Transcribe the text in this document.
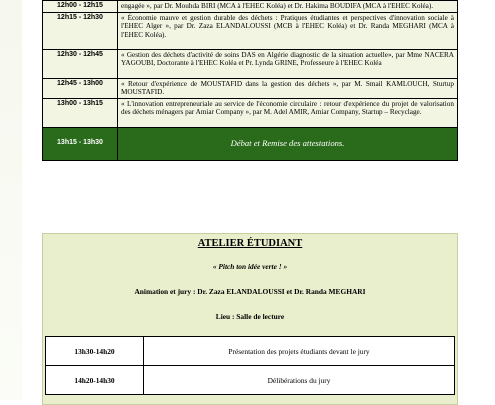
12h00 - 12h15	engagée », par Dr. Mouhda BIRI (MCA à l'EHEC Koléa) et Dr. Hakima BOUDIFA (MCA à l'EHEC Koléa).
12h15 - 12h30	« Économie mauve et gestion durable des déchets : Pratiques étudiantes et perspectives d'innovation sociale à l'EHEC Alger », par Dr. Zaza ELANDALOUSSI (MCB à l'EHEC Koléa) et Dr. Randa MEGHARI (MCA à l'EHEC Koléa).
12h30 - 12h45	« Gestion des déchets d'activité de soins DAS en Algérie diagnostic de la situation actuelle», par Mme NACERA YAGOUBI, Doctorante à l'EHEC Koléa et Pr. Lynda GRINE, Professeure à l'EHEC Koléa
12h45 - 13h00	« Retour d'expérience de MOUSTAFID dans la gestion des déchets », par M. Smail KAMLOUCH, Sturtup MOUSTAFID.
13h00 - 13h15	« L'innovation entrepreneuriale au service de l'économie circulaire : retour d'expérience du projet de valorisation des déchets ménagers par Amiar Company », par M. Adel AMIR, Amiar Company, Startup – Recyclage.
13h15 - 13h30	Débat et Remise des attestations.
ATELIER ÉTUDIANT
« Pitch ton idée verte ! »
Animation et jury : Dr. Zaza ELANDALOUSSI et Dr. Randa MEGHARI
Lieu : Salle de lecture
13h30-14h20	Présentation des projets étudiants devant le jury
14h20-14h30	Délibérations du jury
